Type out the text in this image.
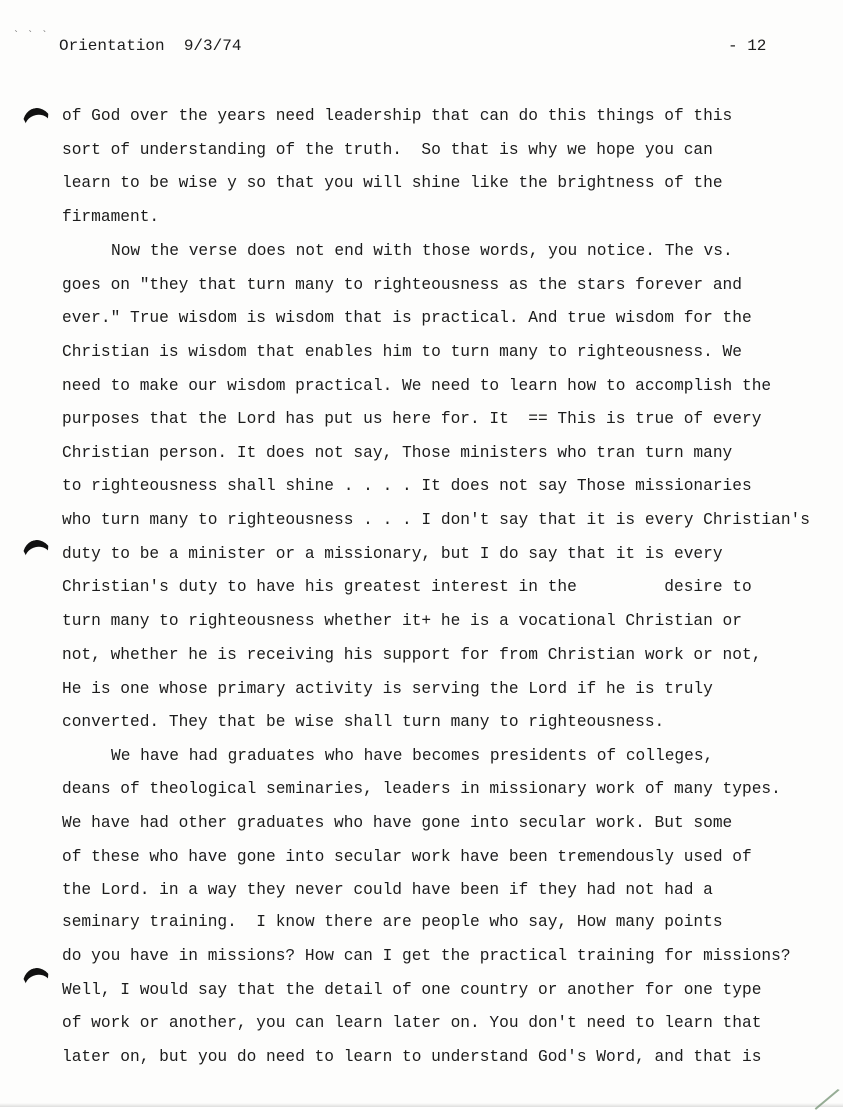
` ` `
Orientation  9/3/74	- 12
of God over the years need leadership that can do this things of this
sort of understanding of the truth.  So that is why we hope you can
learn to be wise y so that you will shine like the brightness of the
firmament.
Now the verse does not end with those words, you notice. The vs.
goes on "they that turn many to righteousness as the stars forever and
ever." True wisdom is wisdom that is practical. And true wisdom for the
Christian is wisdom that enables him to turn many to righteousness. We
need to make our wisdom practical. We need to learn how to accomplish the
purposes that the Lord has put us here for. It  == This is true of every
Christian person. It does not say, Those ministers who tran turn many
to righteousness shall shine . . . . It does not say Those missionaries
who turn many to righteousness . . . I don't say that it is every Christian's
duty to be a minister or a missionary, but I do say that it is every
Christian's duty to have his greatest interest in the         desire to
turn many to righteousness whether it+ he is a vocational Christian or
not, whether he is receiving his support for from Christian work or not,
He is one whose primary activity is serving the Lord if he is truly
converted. They that be wise shall turn many to righteousness.
We have had graduates who have becomes presidents of colleges,
deans of theological seminaries, leaders in missionary work of many types.
We have had other graduates who have gone into secular work. But some
of these who have gone into secular work have been tremendously used of
the Lord. in a way they never could have been if they had not had a
seminary training.  I know there are people who say, How many points
do you have in missions? How can I get the practical training for missions?
Well, I would say that the detail of one country or another for one type
of work or another, you can learn later on. You don't need to learn that
later on, but you do need to learn to understand God's Word, and that is
